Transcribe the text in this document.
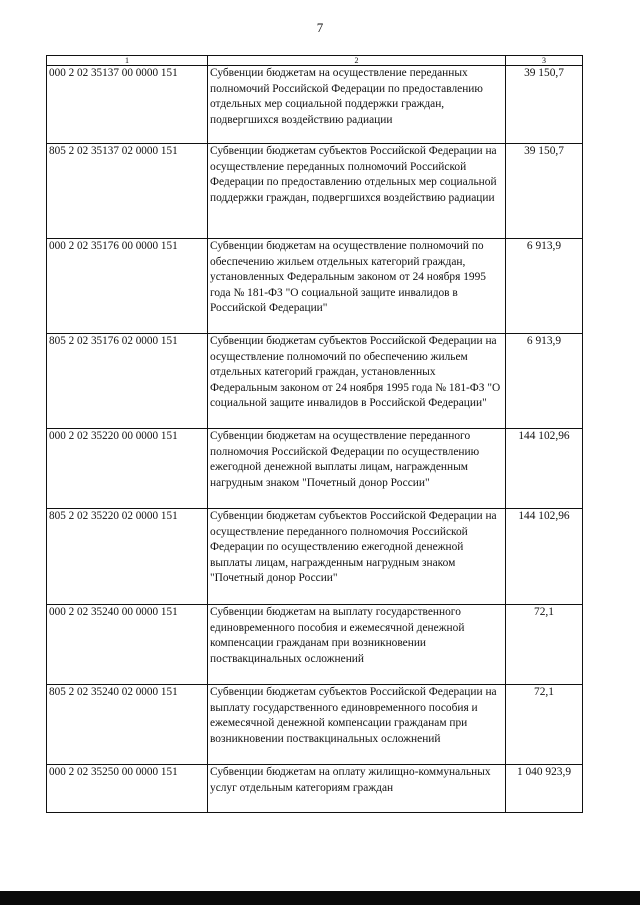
7
1	2	3
000 2 02 35137 00 0000 151	Субвенции бюджетам на осуществление переданных полномочий Российской Федерации по предоставлению отдельных мер социальной поддержки граждан, подвергшихся воздействию радиации	39 150,7
805 2 02 35137 02 0000 151	Субвенции бюджетам субъектов Российской Федерации на осуществление переданных полномочий Российской Федерации по предоставлению отдельных мер социальной поддержки граждан, подвергшихся воздействию радиации	39 150,7
000 2 02 35176 00 0000 151	Субвенции бюджетам на осуществление полномочий по обеспечению жильем отдельных категорий граждан, установленных Федеральным законом от 24 ноября 1995 года № 181-ФЗ "О социальной защите инвалидов в Российской Федерации"	6 913,9
805 2 02 35176 02 0000 151	Субвенции бюджетам субъектов Российской Федерации на осуществление полномочий по обеспечению жильем отдельных категорий граждан, установленных Федеральным законом от 24 ноября 1995 года № 181-ФЗ "О социальной защите инвалидов в Российской Федерации"	6 913,9
000 2 02 35220 00 0000 151	Субвенции бюджетам на осуществление переданного полномочия Российской Федерации по осуществлению ежегодной денежной выплаты лицам, награжденным нагрудным знаком "Почетный донор России"	144 102,96
805 2 02 35220 02 0000 151	Субвенции бюджетам субъектов Российской Федерации на осуществление переданного полномочия Российской Федерации по осуществлению ежегодной денежной выплаты лицам, награжденным нагрудным знаком "Почетный донор России"	144 102,96
000 2 02 35240 00 0000 151	Субвенции бюджетам на выплату государственного единовременного пособия и ежемесячной денежной компенсации гражданам при возникновении поствакцинальных осложнений	72,1
805 2 02 35240 02 0000 151	Субвенции бюджетам субъектов Российской Федерации на выплату государственного единовременного пособия и ежемесячной денежной компенсации гражданам при возникновении поствакцинальных осложнений	72,1
000 2 02 35250 00 0000 151	Субвенции бюджетам на оплату жилищно-коммунальных услуг отдельным категориям граждан	1 040 923,9
